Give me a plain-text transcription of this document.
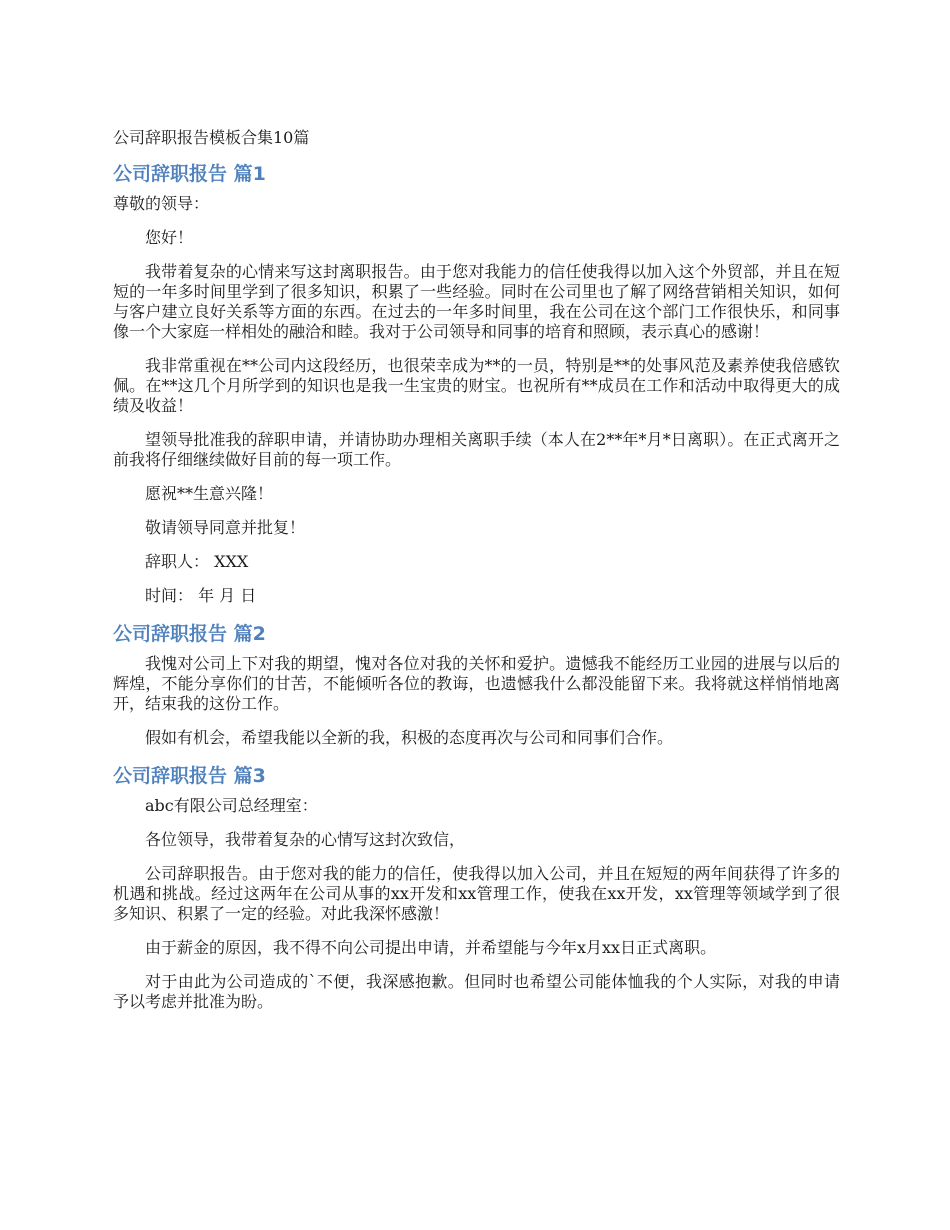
公司辞职报告模板合集10篇
公司辞职报告 篇1

尊敬的领导：

您好！

我带着复杂的心情来写这封离职报告。由于您对我能力的信任使我得以加入这个外贸部，并且在短短的一年多时间里学到了很多知识，积累了一些经验。同时在公司里也了解了网络营销相关知识，如何与客户建立良好关系等方面的东西。在过去的一年多时间里，我在公司在这个部门工作很快乐，和同事像一个大家庭一样相处的融洽和睦。我对于公司领导和同事的培育和照顾，表示真心的感谢！

我非常重视在**公司内这段经历，也很荣幸成为**的一员，特别是**的处事风范及素养使我倍感钦佩。在**这几个月所学到的知识也是我一生宝贵的财宝。也祝所有**成员在工作和活动中取得更大的成绩及收益！

望领导批准我的辞职申请，并请协助办理相关离职手续（本人在2**年*月*日离职）。在正式离开之前我将仔细继续做好目前的每一项工作。

愿祝**生意兴隆！

敬请领导同意并批复！

辞职人： XXX

时间： 年 月 日

公司辞职报告 篇2

我愧对公司上下对我的期望，愧对各位对我的关怀和爱护。遗憾我不能经历工业园的进展与以后的辉煌，不能分享你们的甘苦，不能倾听各位的教诲，也遗憾我什么都没能留下来。我将就这样悄悄地离开，结束我的这份工作。

假如有机会，希望我能以全新的我，积极的态度再次与公司和同事们合作。

公司辞职报告 篇3

abc有限公司总经理室：

各位领导，我带着复杂的心情写这封次致信，

公司辞职报告。由于您对我的能力的信任，使我得以加入公司，并且在短短的两年间获得了许多的机遇和挑战。经过这两年在公司从事的xx开发和xx管理工作，使我在xx开发，xx管理等领域学到了很多知识、积累了一定的经验。对此我深怀感激！

由于薪金的原因，我不得不向公司提出申请，并希望能与今年x月xx日正式离职。

对于由此为公司造成的`不便，我深感抱歉。但同时也希望公司能体恤我的个人实际，对我的申请予以考虑并批准为盼。
